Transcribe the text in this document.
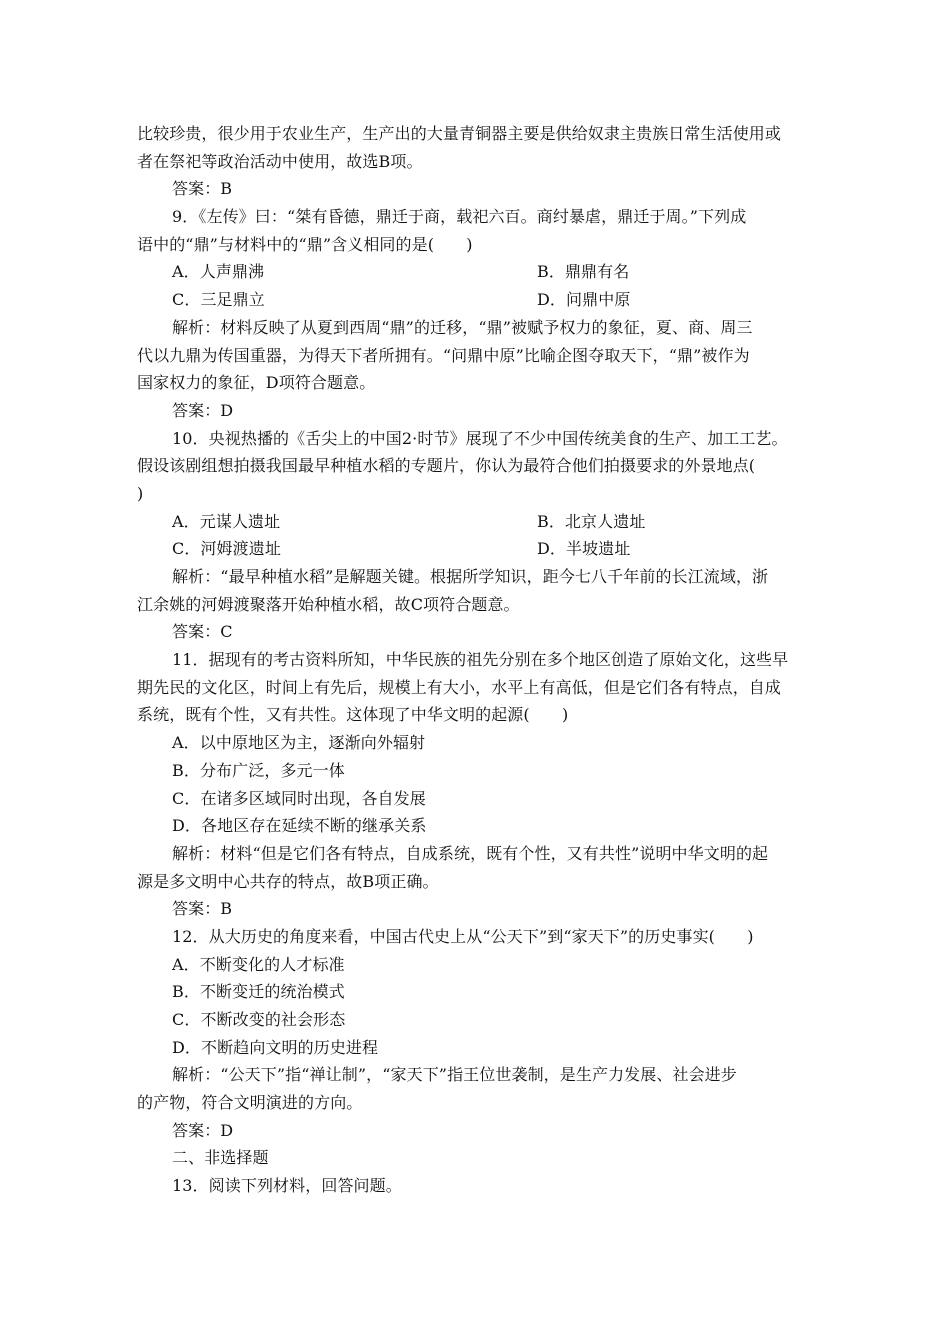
比较珍贵，很少用于农业生产，生产出的大量青铜器主要是供给奴隶主贵族日常生活使用或
者在祭祀等政治活动中使用，故选B项。
答案：B
9．《左传》曰：“桀有昏德，鼎迁于商，载祀六百。商纣暴虐，鼎迁于周。”下列成
语中的“鼎”与材料中的“鼎”含义相同的是(　　)
A．人声鼎沸	B．鼎鼎有名
C．三足鼎立	D．问鼎中原
解析：材料反映了从夏到西周“鼎”的迁移，“鼎”被赋予权力的象征，夏、商、周三
代以九鼎为传国重器，为得天下者所拥有。“问鼎中原”比喻企图夺取天下，“鼎”被作为
国家权力的象征，D项符合题意。
答案：D
10．央视热播的《舌尖上的中国2·时节》展现了不少中国传统美食的生产、加工工艺。
假设该剧组想拍摄我国最早种植水稻的专题片，你认为最符合他们拍摄要求的外景地点(
)
A．元谋人遗址	B．北京人遗址
C．河姆渡遗址	D．半坡遗址
解析：“最早种植水稻”是解题关键。根据所学知识，距今七八千年前的长江流域，浙
江余姚的河姆渡聚落开始种植水稻，故C项符合题意。
答案：C
11．据现有的考古资料所知，中华民族的祖先分别在多个地区创造了原始文化，这些早
期先民的文化区，时间上有先后，规模上有大小，水平上有高低，但是它们各有特点，自成
系统，既有个性，又有共性。这体现了中华文明的起源(　　)
A．以中原地区为主，逐渐向外辐射
B．分布广泛，多元一体
C．在诸多区域同时出现，各自发展
D．各地区存在延续不断的继承关系
解析：材料“但是它们各有特点，自成系统，既有个性，又有共性”说明中华文明的起
源是多文明中心共存的特点，故B项正确。
答案：B
12．从大历史的角度来看，中国古代史上从“公天下”到“家天下”的历史事实(　　)
A．不断变化的人才标准
B．不断变迁的统治模式
C．不断改变的社会形态
D．不断趋向文明的历史进程
解析：“公天下”指“禅让制”，“家天下”指王位世袭制，是生产力发展、社会进步
的产物，符合文明演进的方向。
答案：D
二、非选择题
13．阅读下列材料，回答问题。
